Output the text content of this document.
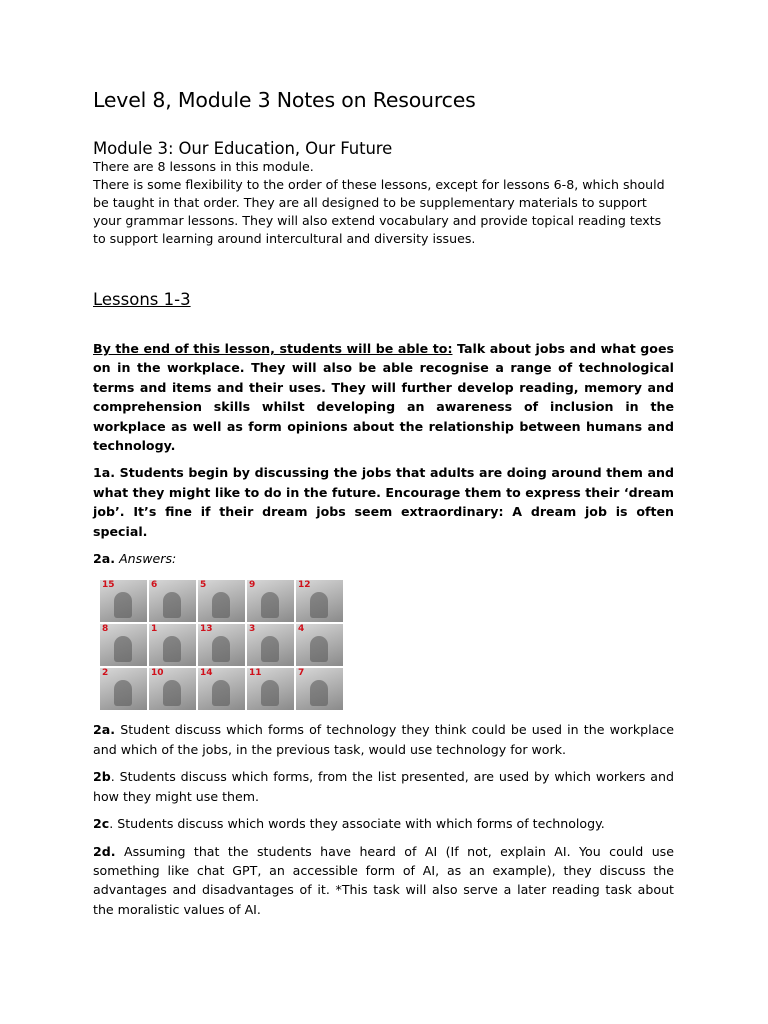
Level 8, Module 3 Notes on Resources
Module 3: Our Education, Our Future

There are 8 lessons in this module.

There is some flexibility to the order of these lessons, except for lessons 6-8, which should be taught in that order. They are all designed to be supplementary materials to support your grammar lessons. They will also extend vocabulary and provide topical reading texts to support learning around intercultural and diversity issues.

Lessons 1-3
By the end of this lesson, students will be able to: Talk about jobs and what goes on in the workplace. They will also be able recognise a range of technological terms and items and their uses. They will further develop reading, memory and comprehension skills whilst developing an awareness of inclusion in the workplace as well as form opinions about the relationship between humans and technology.
1a. Students begin by discussing the jobs that adults are doing around them and what they might like to do in the future. Encourage them to express their ‘dream job’. It’s fine if their dream jobs seem extraordinary: A dream job is often special.
2a. Answers:
15	6	5	9	12
8	1	13	3	4
2	10	14	11	7
2a. Student discuss which forms of technology they think could be used in the workplace and which of the jobs, in the previous task, would use technology for work.
2b. Students discuss which forms, from the list presented, are used by which workers and how they might use them.
2c. Students discuss which words they associate with which forms of technology.
2d. Assuming that the students have heard of AI (If not, explain AI. You could use something like chat GPT, an accessible form of AI, as an example), they discuss the advantages and disadvantages of it. *This task will also serve a later reading task about the moralistic values of AI.
